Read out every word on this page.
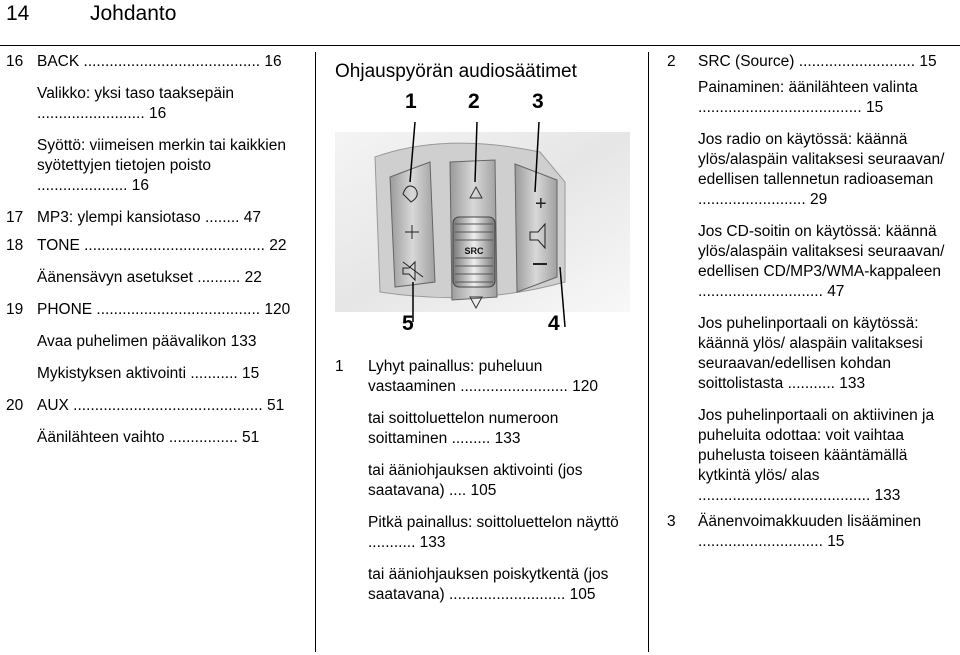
14	Johdanto
16 BACK ......................................... 16
Valikko: yksi taso taaksepäin ......................... 16
Syöttö: viimeisen merkin tai kaikkien syötettyjen tietojen poisto ..................... 16
17 MP3: ylempi kansiotaso ........ 47
18 TONE .......................................... 22
Äänensävyn asetukset .......... 22
19 PHONE ...................................... 120
Avaa puhelimen päävalikon 133
Mykistyksen aktivointi ........... 15
20 AUX ............................................ 51
Äänilähteen vaihto ................ 51
Ohjauspyörän audiosäätimet
SRC
+
1 2 3
4
5
1 Lyhyt painallus: puheluun vastaaminen ......................... 120
tai soittoluettelon numeroon soittaminen ......... 133
tai ääniohjauksen aktivointi (jos saatavana) .... 105
Pitkä painallus: soittoluettelon näyttö ........... 133
tai ääniohjauksen poiskytkentä (jos saatavana) ........................... 105
2 SRC (Source) ........................... 15
Painaminen: äänilähteen valinta ...................................... 15
Jos radio on käytössä: käännä ylös/alaspäin valitaksesi seuraavan/ edellisen tallennetun radioaseman ......................... 29
Jos CD-soitin on käytössä: käännä ylös/alaspäin valitaksesi seuraavan/ edellisen CD/MP3/WMA-kappaleen ............................. 47
Jos puhelinportaali on käytössä: käännä ylös/ alaspäin valitaksesi seuraavan/edellisen kohdan soittolistasta ........... 133
Jos puhelinportaali on aktiivinen ja puheluita odottaa: voit vaihtaa puhelusta toiseen kääntämällä kytkintä ylös/ alas ........................................ 133
3 Äänenvoimakkuuden lisääminen ............................. 15
